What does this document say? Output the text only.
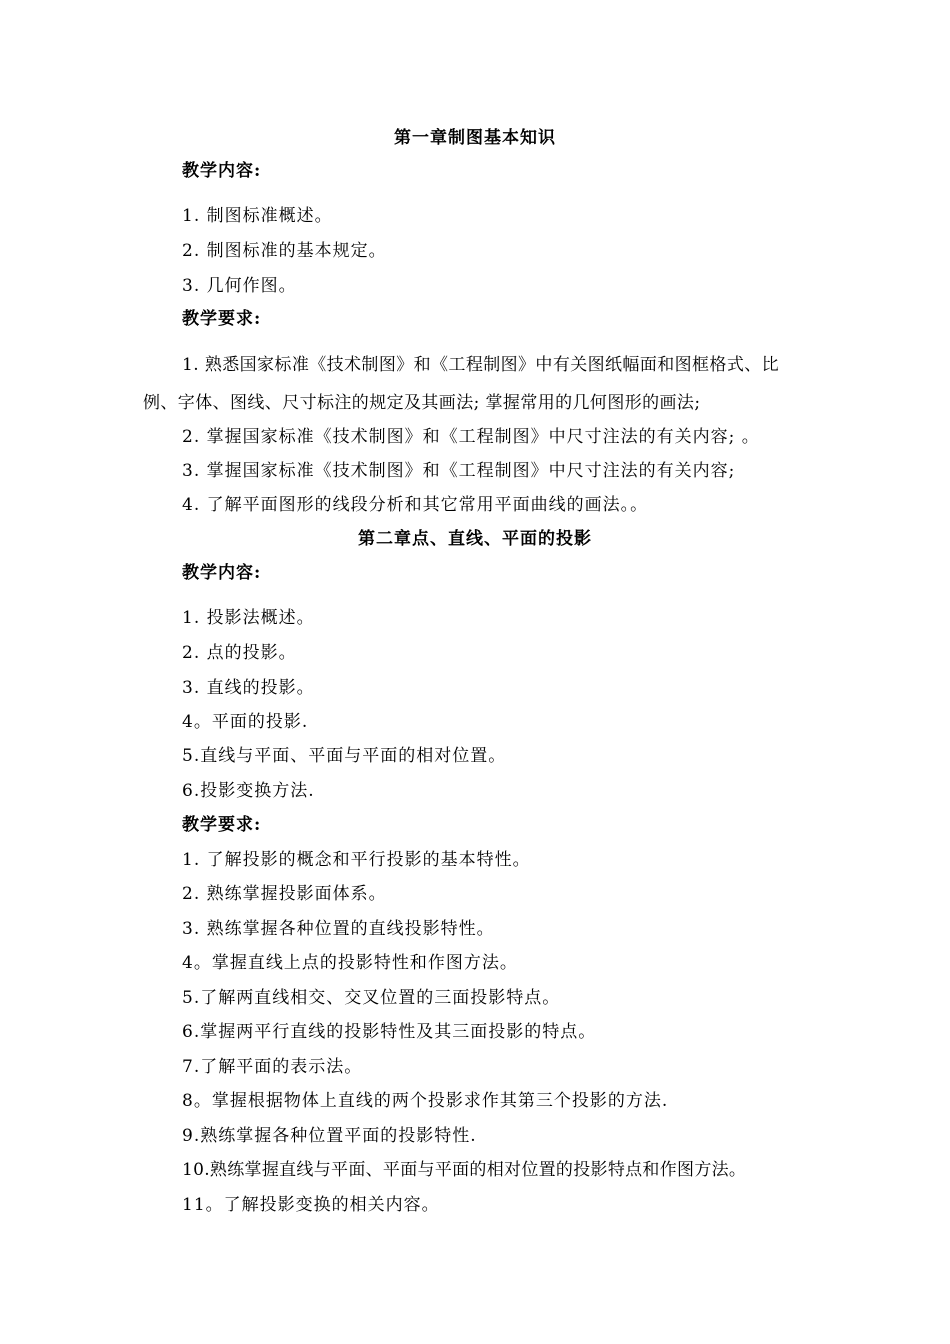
第一章制图基本知识
教学内容:
1. 制图标准概述。
2. 制图标准的基本规定。
3. 几何作图。
教学要求:
1. 熟悉国家标准《技术制图》和《工程制图》中有关图纸幅面和图框格式、比
例、字体、图线、尺寸标注的规定及其画法; 掌握常用的几何图形的画法;
2. 掌握国家标准《技术制图》和《工程制图》中尺寸注法的有关内容; 。
3. 掌握国家标准《技术制图》和《工程制图》中尺寸注法的有关内容;
4. 了解平面图形的线段分析和其它常用平面曲线的画法。。
第二章点、直线、平面的投影
教学内容:
1. 投影法概述。
2. 点的投影。
3. 直线的投影。
4。平面的投影.
5.直线与平面、平面与平面的相对位置。
6.投影变换方法.
教学要求:
1. 了解投影的概念和平行投影的基本特性。
2. 熟练掌握投影面体系。
3. 熟练掌握各种位置的直线投影特性。
4。掌握直线上点的投影特性和作图方法。
5.了解两直线相交、交叉位置的三面投影特点。
6.掌握两平行直线的投影特性及其三面投影的特点。
7.了解平面的表示法。
8。掌握根据物体上直线的两个投影求作其第三个投影的方法.
9.熟练掌握各种位置平面的投影特性.
10.熟练掌握直线与平面、平面与平面的相对位置的投影特点和作图方法。
11。了解投影变换的相关内容。
